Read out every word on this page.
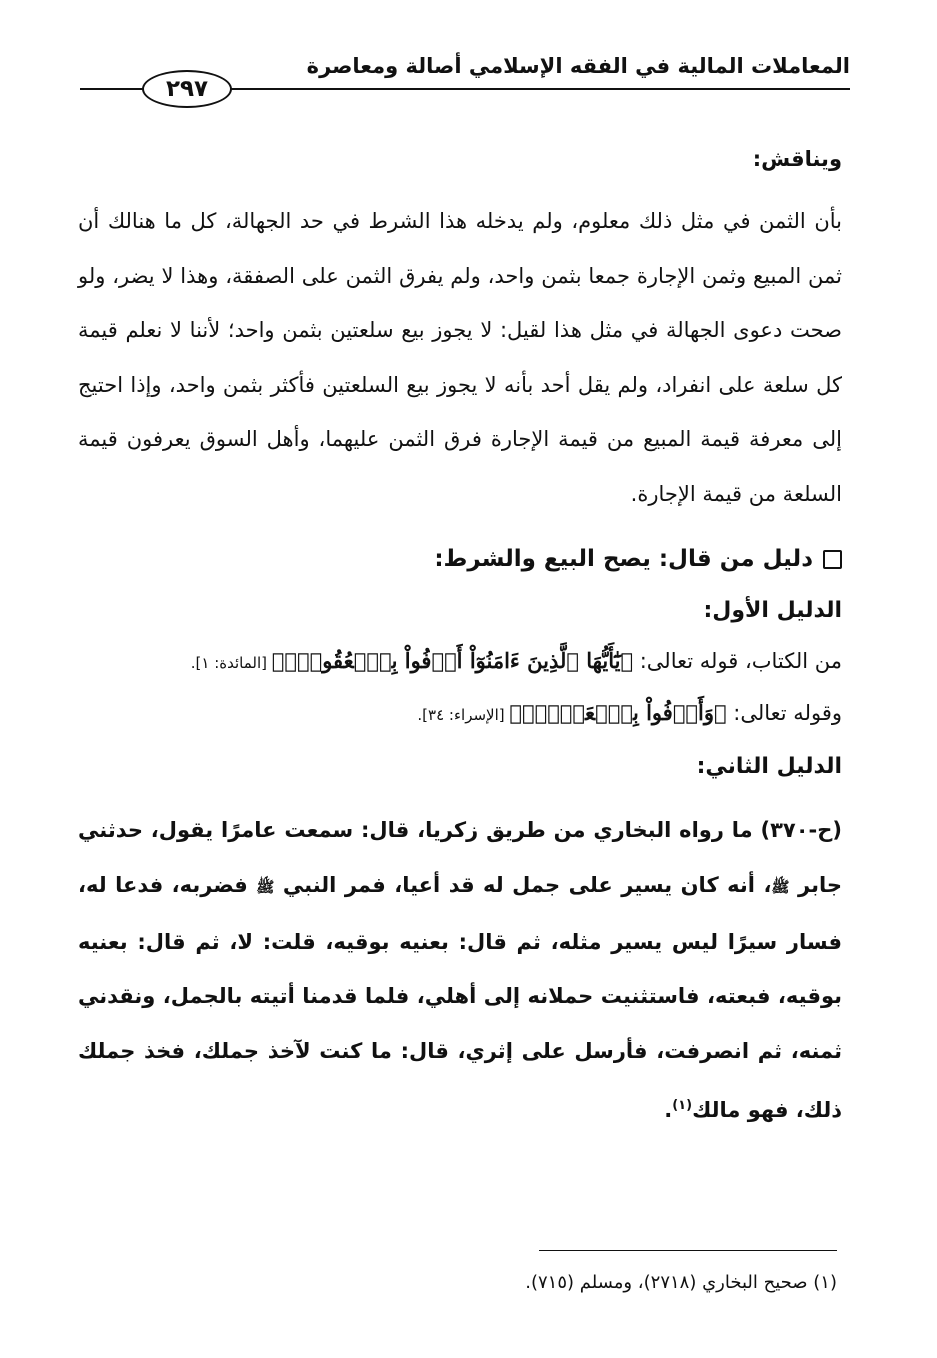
المعاملات المالية في الفقه الإسلامي أصالة ومعاصرة
٢٩٧

ويناقش:

بأن الثمن في مثل ذلك معلوم، ولم يدخله هذا الشرط في حد الجهالة، كل ما هنالك أن ثمن المبيع وثمن الإجارة جمعا بثمن واحد، ولم يفرق الثمن على الصفقة، وهذا لا يضر، ولو صحت دعوى الجهالة في مثل هذا لقيل: لا يجوز بيع سلعتين بثمن واحد؛ لأننا لا نعلم قيمة كل سلعة على انفراد، ولم يقل أحد بأنه لا يجوز بيع السلعتين فأكثر بثمن واحد، وإذا احتيج إلى معرفة قيمة المبيع من قيمة الإجارة فرق الثمن عليهما، وأهل السوق يعرفون قيمة السلعة من قيمة الإجارة.

دليل من قال: يصح البيع والشرط:
الدليل الأول:
من الكتاب، قوله تعالى: ﴿يَٰٓأَيُّهَا ٱلَّذِينَ ءَامَنُوٓاْ أَوۡفُواْ بِٱلۡعُقُودِۚ﴾ [المائدة: ١].
وقوله تعالى: ﴿وَأَوۡفُواْ بِٱلۡعَهۡدِۖ﴾ [الإسراء: ٣٤].
الدليل الثاني:

(ح-٣٧٠) ما رواه البخاري من طريق زكريا، قال: سمعت عامرًا يقول، حدثني جابر ﷺ، أنه كان يسير على جمل له قد أعيا، فمر النبي ﷺ فضربه، فدعا له، فسار سيرًا ليس يسير مثله، ثم قال: بعنيه بوقيه، قلت: لا، ثم قال: بعنيه بوقيه، فبعته، فاستثنيت حملانه إلى أهلي، فلما قدمنا أتيته بالجمل، ونقدني ثمنه، ثم انصرفت، فأرسل على إثري، قال: ما كنت لآخذ جملك، فخذ جملك ذلك، فهو مالك$^{(١)}$.

(١) صحيح البخاري (٢٧١٨)، ومسلم (٧١٥).
